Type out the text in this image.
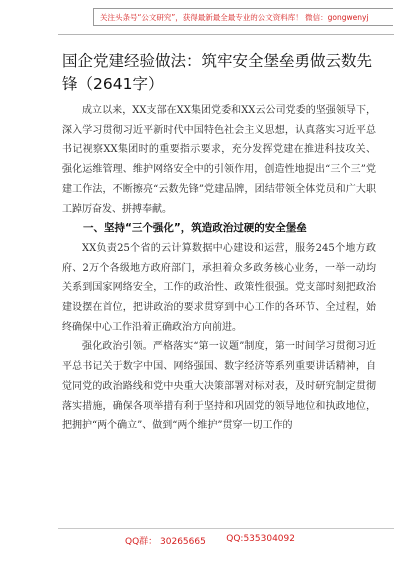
关注头条号“公文研究”，获得最新最全最专业的公文资料库！ 微信：gongwenyj
国企党建经验做法：筑牢安全堡垒勇做云数先锋（2641字）

成立以来，XX支部在XX集团党委和XX云公司党委的坚强领导下，深入学习贯彻习近平新时代中国特色社会主义思想，认真落实习近平总书记视察XX集团时的重要指示要求，充分发挥党建在推进科技攻关、强化运维管理、维护网络安全中的引领作用，创造性地提出“三个三”党建工作法，不断擦亮“云数先锋”党建品牌，团结带领全体党员和广大职工踔厉奋发、拼搏奉献。

一、坚持“三个强化”，筑造政治过硬的安全堡垒

XX负责25个省的云计算数据中心建设和运营，服务245个地方政府、2万个各级地方政府部门，承担着众多政务核心业务，一举一动均关系到国家网络安全，工作的政治性、政策性很强。党支部时刻把政治建设摆在首位，把讲政治的要求贯穿到中心工作的各环节、全过程，始终确保中心工作沿着正确政治方向前进。

强化政治引领。严格落实“第一议题”制度，第一时间学习贯彻习近平总书记关于数字中国、网络强国、数字经济等系列重要讲话精神，自觉同党的政治路线和党中央重大决策部署对标对表，及时研究制定贯彻落实措施，确保各项举措有利于坚持和巩固党的领导地位和执政地位，把拥护“两个确立”、做到“两个维护”贯穿一切工作的

QQ群： 30265665 QQ:535304092
